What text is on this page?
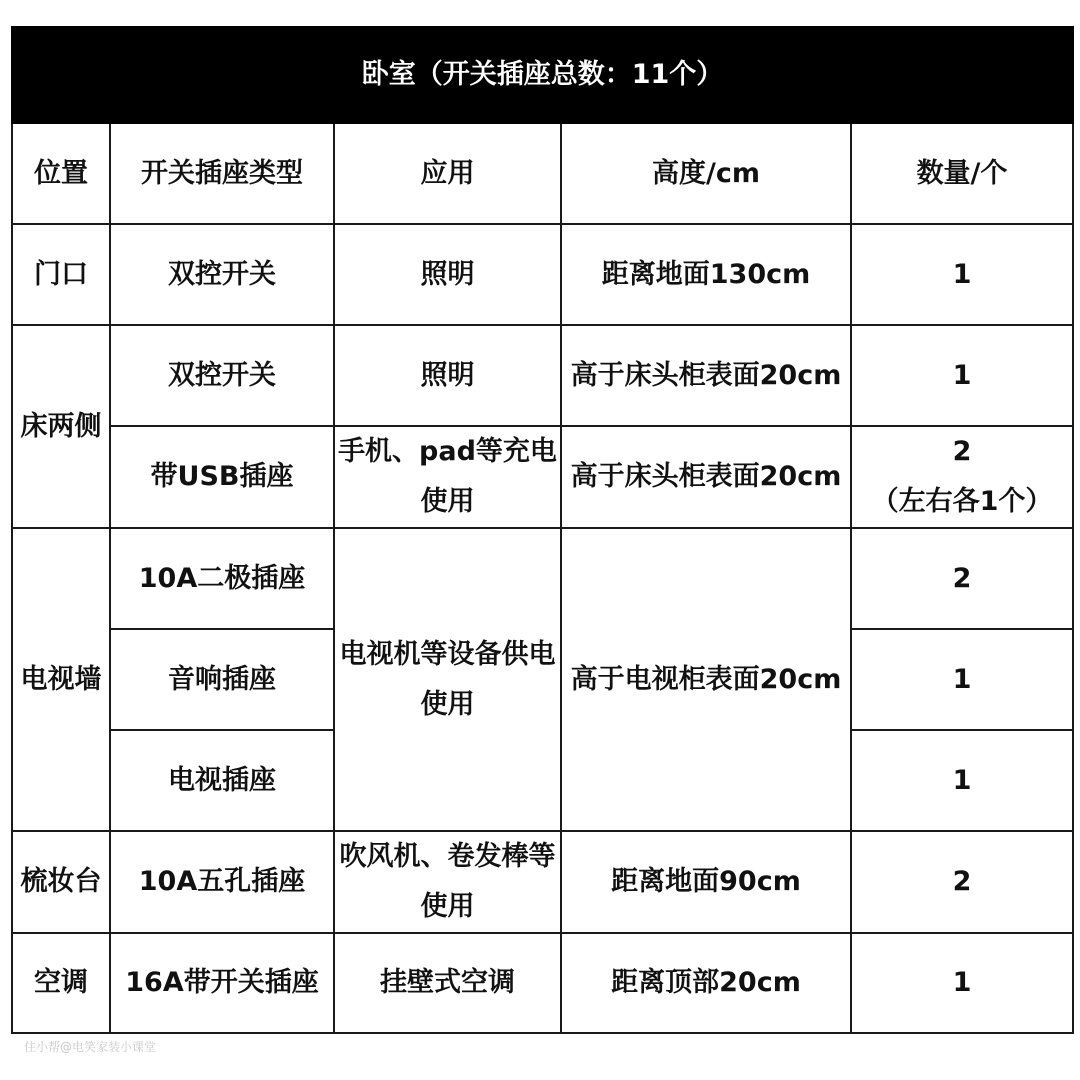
卧室（开关插座总数：11个）				
位置	开关插座类型	应用	高度/cm	数量/个
门口	双控开关	照明	距离地面130cm	1
床两侧	双控开关	照明	高于床头柜表面20cm	1
	带USB插座	手机、pad等充电使用	高于床头柜表面20cm	2
（左右各1个）

电视墙	10A二极插座	电视机等设备供电使用	高于电视柜表面20cm	2
	音响插座			1
	电视插座			1
梳妆台	10A五孔插座	吹风机、卷发棒等使用	距离地面90cm	2
空调	16A带开关插座	挂壁式空调	距离顶部20cm	1
住小帮@电笑家装小课堂
